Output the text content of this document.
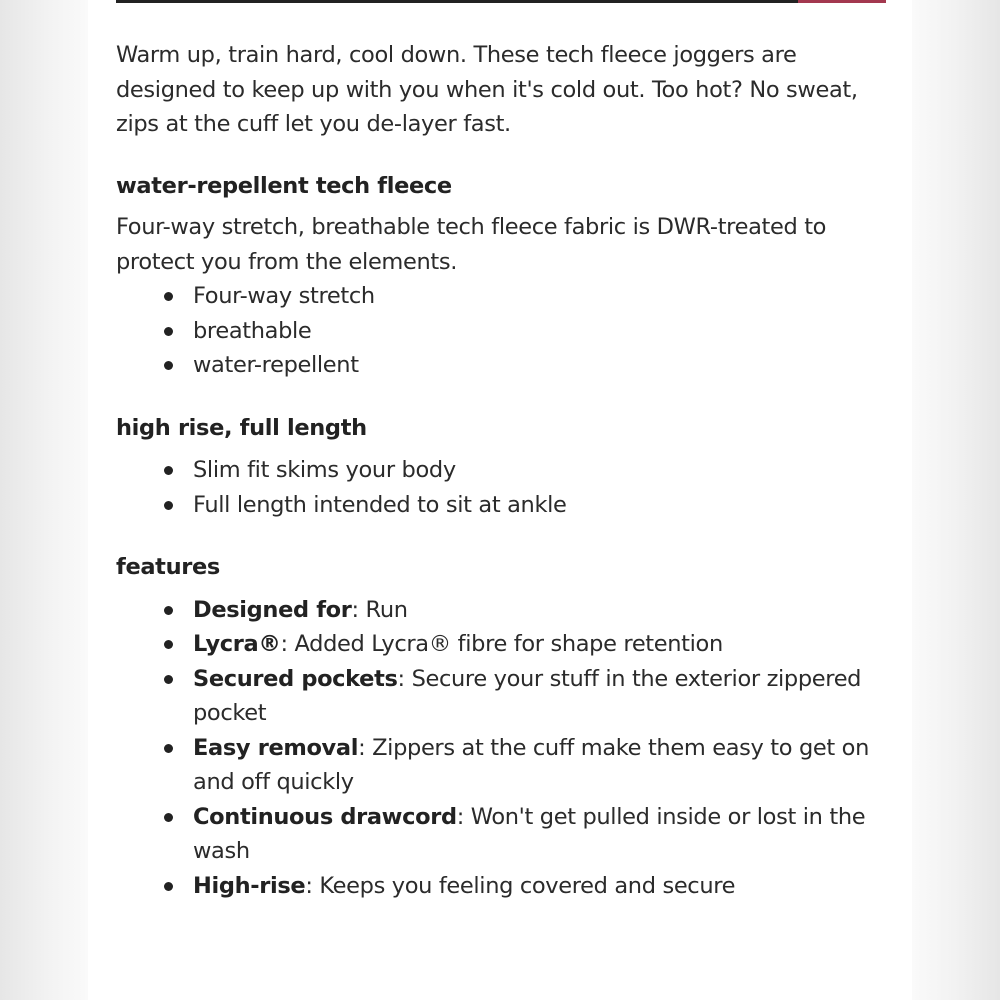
Warm up, train hard, cool down. These tech fleece joggers are designed to keep up with you when it's cold out. Too hot? No sweat, zips at the cuff let you de-layer fast.

water-repellent tech fleece

Four-way stretch, breathable tech fleece fabric is DWR-treated to protect you from the elements.

Four-way stretch
breathable
water-repellent
high rise, full length
Slim fit skims your body
Full length intended to sit at ankle
features
Designed for: Run
Lycra®: Added Lycra® fibre for shape retention
Secured pockets: Secure your stuff in the exterior zippered pocket
Easy removal: Zippers at the cuff make them easy to get on and off quickly
Continuous drawcord: Won't get pulled inside or lost in the wash
High-rise: Keeps you feeling covered and secure
